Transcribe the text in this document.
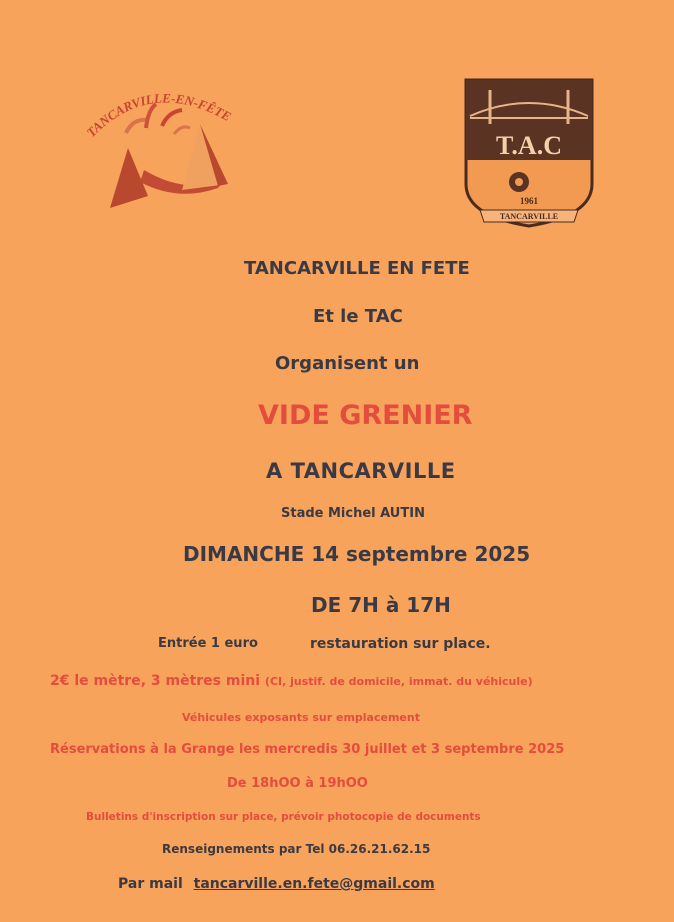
TANCARVILLE-EN-FÊTE
T.A.C
1961
TANCARVILLE
TANCARVILLE EN FETE
Et le TAC
Organisent un
VIDE GRENIER
A TANCARVILLE
Stade Michel AUTIN
DIMANCHE 14 septembre 2025
DE 7H à 17H
Entrée 1 euro	restauration sur place.
2€ le mètre, 3 mètres mini (CI, justif. de domicile, immat. du véhicule)
Véhicules exposants sur emplacement
Réservations à la Grange les mercredis 30 juillet et 3 septembre 2025
De 18hOO à 19hOO
Bulletins d'inscription sur place, prévoir photocopie de documents
Renseignements par Tel 06.26.21.62.15
Par mail tancarville.en.fete@gmail.com
